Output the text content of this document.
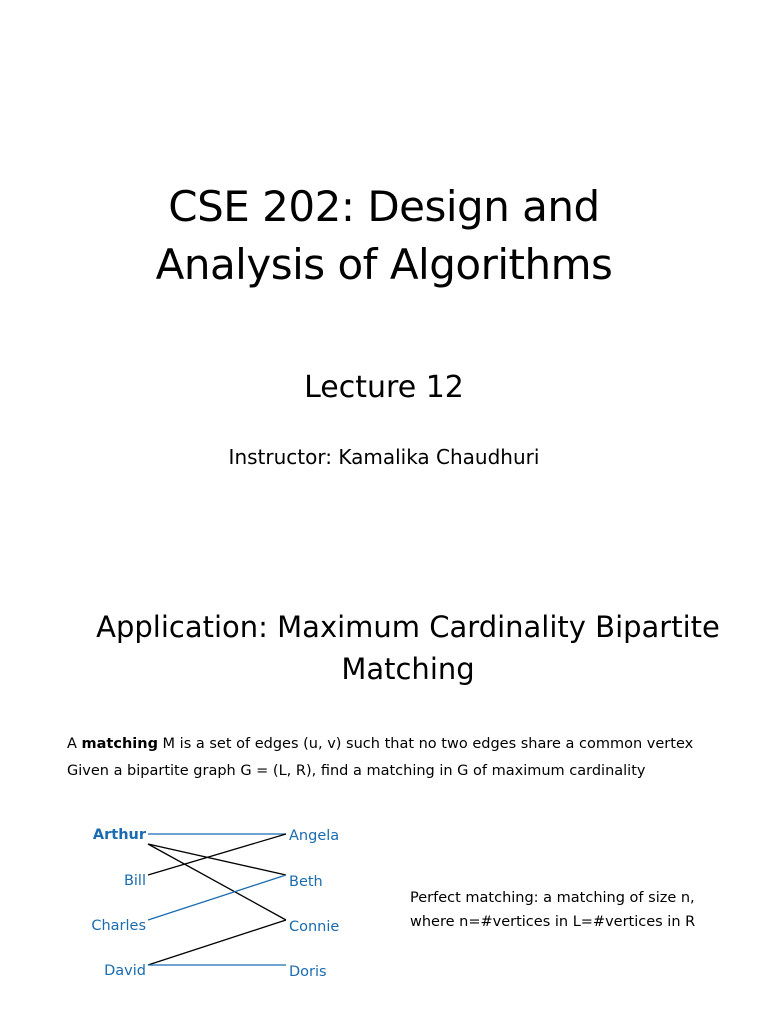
CSE 202: Design and
Analysis of Algorithms
Lecture 12
Instructor: Kamalika Chaudhuri
Application: Maximum Cardinality Bipartite
Matching
A matching M is a set of edges (u, v) such that no two edges share a common vertex
Given a bipartite graph G = (L, R), find a matching in G of maximum cardinality
Perfect matching: a matching of size n,
where n=#vertices in L=#vertices in R
Arthur
Bill
Charles
David
Angela
Beth
Connie
Doris
